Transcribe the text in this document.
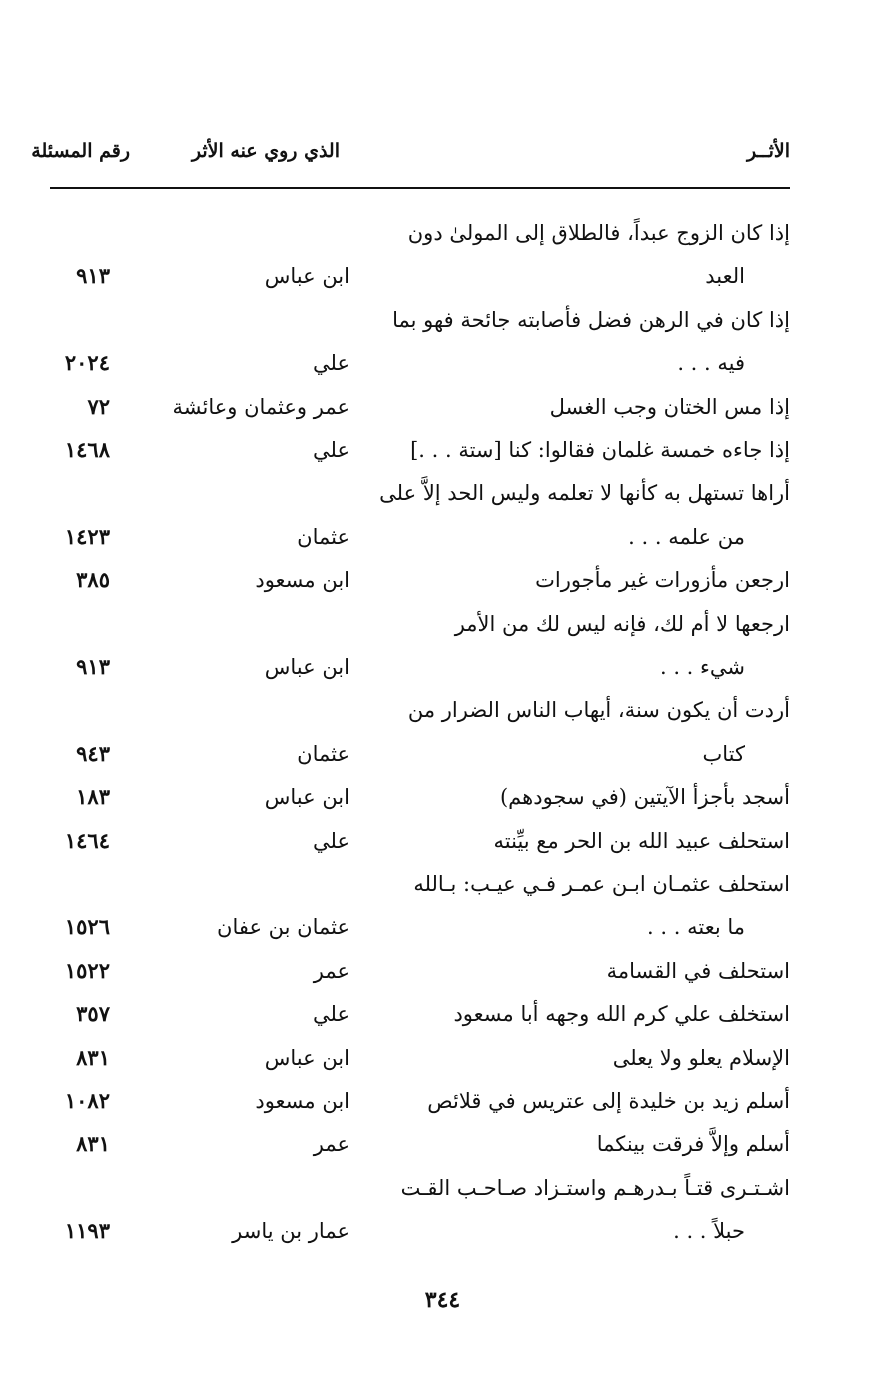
الأثــر
الذي روي عنه الأثر
رقم المسئلة
إذا كان الزوج عبداً، فالطلاق إلى المولىٰ دون
العبد
ابن عباس
٩١٣
إذا كان في الرهن فضل فأصابته جائحة فهو بما
فيه . . .
علي
٢٠٢٤
إذا مس الختان وجب الغسل
عمر وعثمان وعائشة
٧٢
إذا جاءه خمسة غلمان فقالوا: كنا [ستة . . .]
علي
١٤٦٨
أراها تستهل به كأنها لا تعلمه وليس الحد إلاَّ على
من علمه . . .
عثمان
١٤٢٣
ارجعن مأزورات غير مأجورات
ابن مسعود
٣٨٥
ارجعها لا أم لك، فإنه ليس لك من الأمر
شيء . . .
ابن عباس
٩١٣
أردت أن يكون سنة، أيهاب الناس الضرار من
كتاب
عثمان
٩٤٣
أسجد بأجزأ الآيتين (في سجودهم)
ابن عباس
١٨٣
استحلف عبيد الله بن الحر مع بيِّنته
علي
١٤٦٤
استحلف عثمـان ابـن عمـر فـي عيـب: بـالله
ما بعته . . .
عثمان بن عفان
١٥٢٦
استحلف في القسامة
عمر
١٥٢٢
استخلف علي كرم الله وجهه أبا مسعود
علي
٣٥٧
الإسلام يعلو ولا يعلى
ابن عباس
٨٣١
أسلم زيد بن خليدة إلى عتريس في قلائص
ابن مسعود
١٠٨٢
أسلم وإلاَّ فرقت بينكما
عمر
٨٣١
اشـتـرى قتـاً بـدرهـم واستـزاد صـاحـب القـت
حبلاً . . .
عمار بن ياسر
١١٩٣
٣٤٤
